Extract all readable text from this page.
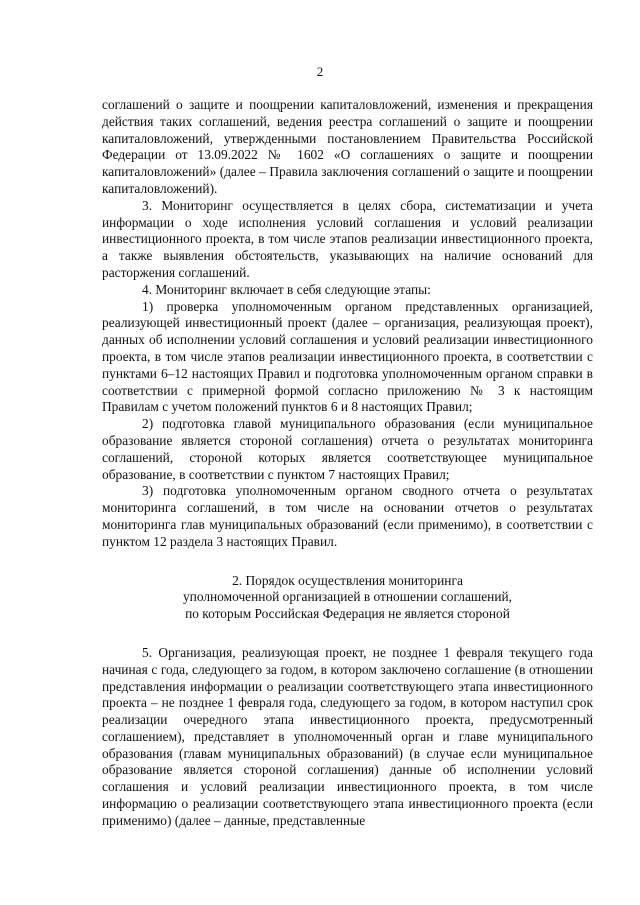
2

соглашений о защите и поощрении капиталовложений, изменения и прекращения действия таких соглашений, ведения реестра соглашений о защите и поощрении капиталовложений, утвержденными постановлением Правительства Российской Федерации от 13.09.2022 № 1602 «О соглашениях о защите и поощрении капиталовложений» (далее – Правила заключения соглашений о защите и поощрении капиталовложений).

3. Мониторинг осуществляется в целях сбора, систематизации и учета информации о ходе исполнения условий соглашения и условий реализации инвестиционного проекта, в том числе этапов реализации инвестиционного проекта, а также выявления обстоятельств, указывающих на наличие оснований для расторжения соглашений.

4. Мониторинг включает в себя следующие этапы:

1) проверка уполномоченным органом представленных организацией, реализующей инвестиционный проект (далее – организация, реализующая проект), данных об исполнении условий соглашения и условий реализации инвестиционного проекта, в том числе этапов реализации инвестиционного проекта, в соответствии с пунктами 6–12 настоящих Правил и подготовка уполномоченным органом справки в соответствии с примерной формой согласно приложению № 3 к настоящим Правилам с учетом положений пунктов 6 и 8 настоящих Правил;

2) подготовка главой муниципального образования (если муниципальное образование является стороной соглашения) отчета о результатах мониторинга соглашений, стороной которых является соответствующее муниципальное образование, в соответствии с пунктом 7 настоящих Правил;

3) подготовка уполномоченным органом сводного отчета о результатах мониторинга соглашений, в том числе на основании отчетов о результатах мониторинга глав муниципальных образований (если применимо), в соответствии с пунктом 12 раздела 3 настоящих Правил.

2. Порядок осуществления мониторинга
уполномоченной организацией в отношении соглашений,
по которым Российская Федерация не является стороной

5. Организация, реализующая проект, не позднее 1 февраля текущего года начиная с года, следующего за годом, в котором заключено соглашение (в отношении представления информации о реализации соответствующего этапа инвестиционного проекта – не позднее 1 февраля года, следующего за годом, в котором наступил срок реализации очередного этапа инвестиционного проекта, предусмотренный соглашением), представляет в уполномоченный орган и главе муниципального образования (главам муниципальных образований) (в случае если муниципальное образование является стороной соглашения) данные об исполнении условий соглашения и условий реализации инвестиционного проекта, в том числе информацию о реализации соответствующего этапа инвестиционного проекта (если применимо) (далее – данные, представленные
